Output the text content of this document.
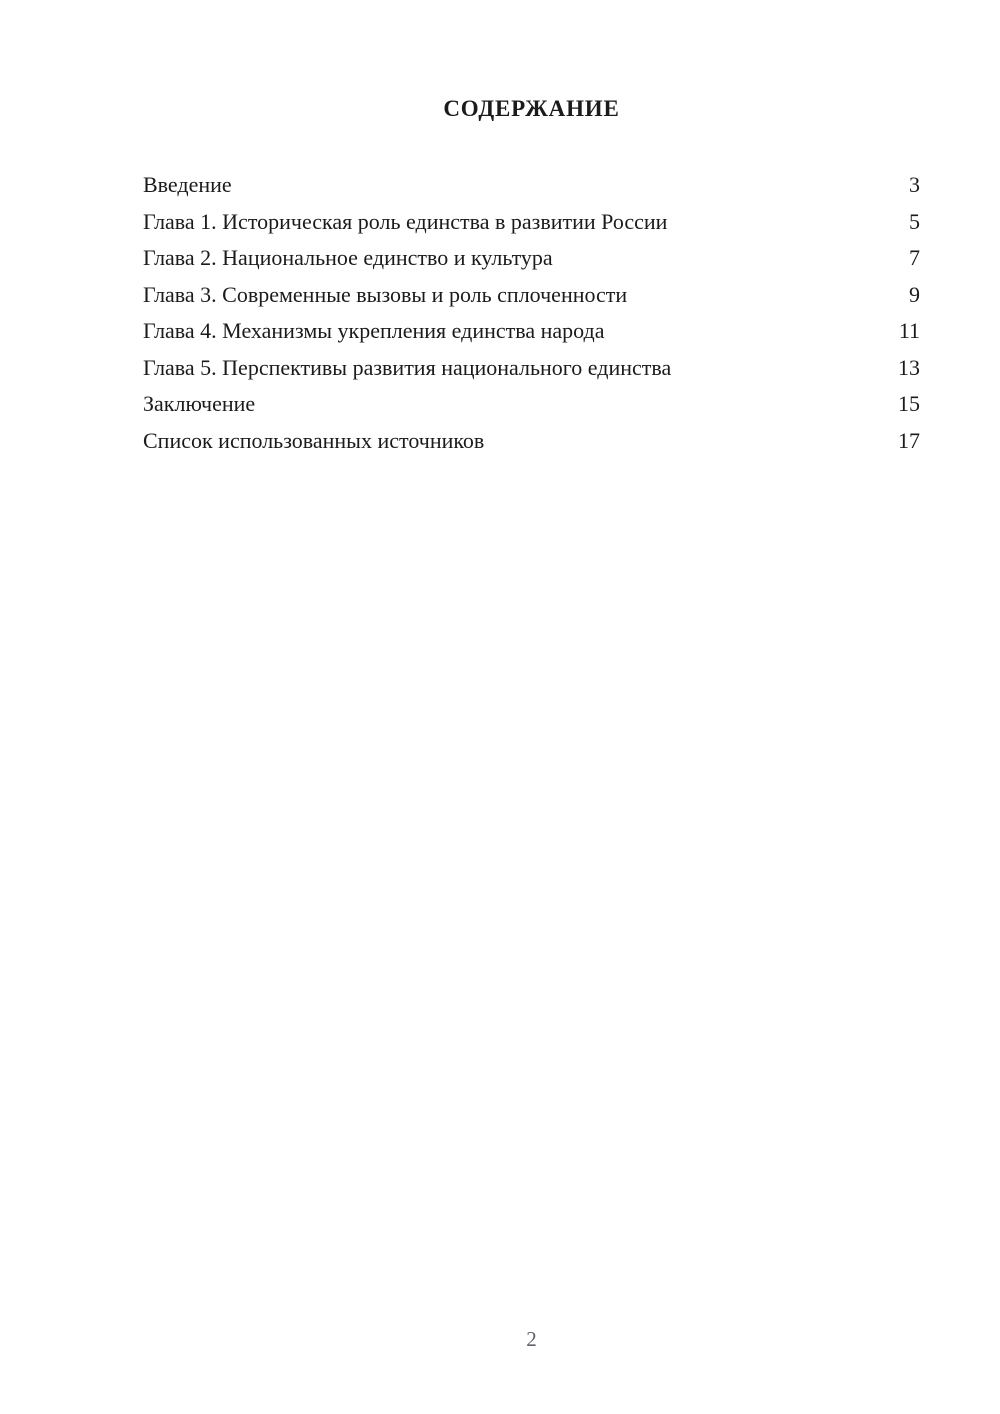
СОДЕРЖАНИЕ
Введение	3
Глава 1. Историческая роль единства в развитии России	5
Глава 2. Национальное единство и культура	7
Глава 3. Современные вызовы и роль сплоченности	9
Глава 4. Механизмы укрепления единства народа	11
Глава 5. Перспективы развития национального единства	13
Заключение	15
Список использованных источников	17
2
